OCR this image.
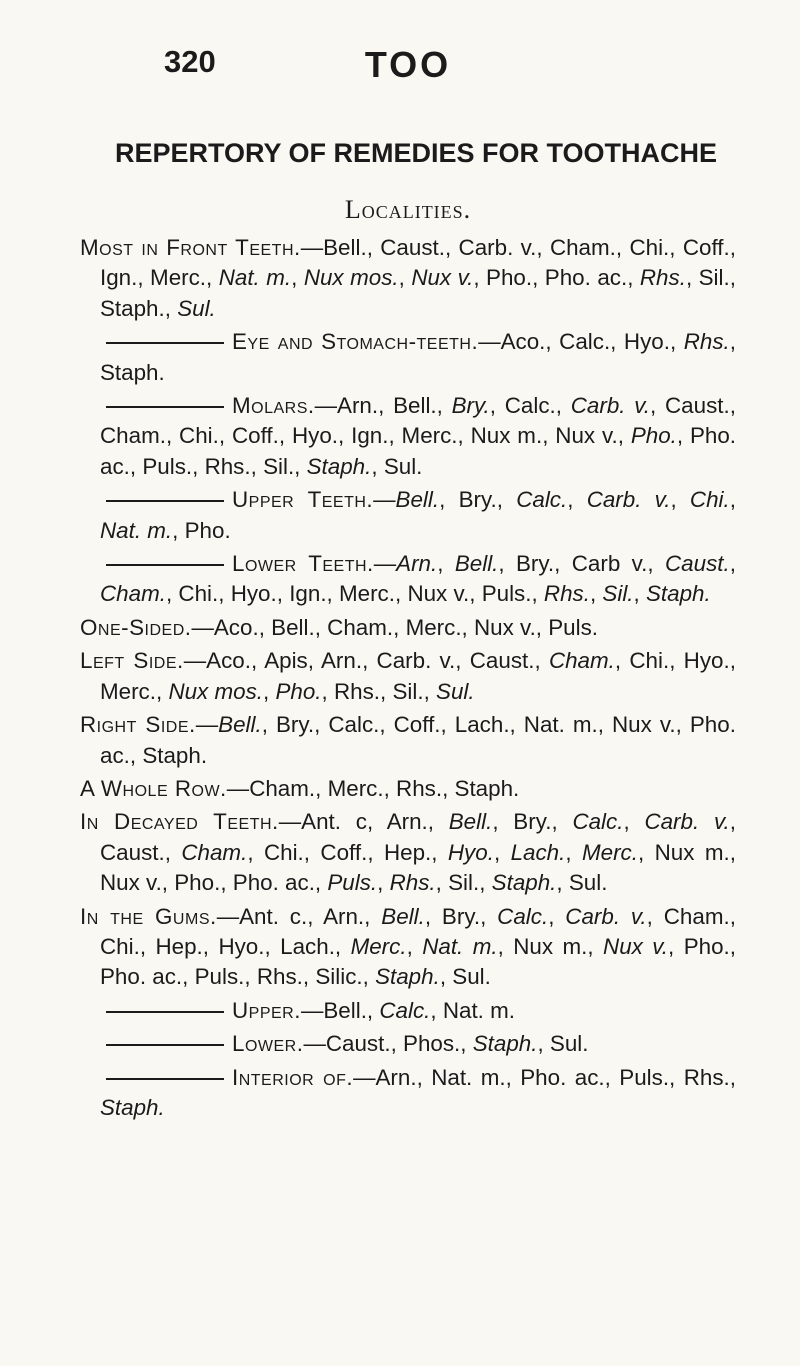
320	TOO
REPERTORY OF REMEDIES FOR TOOTHACHE
Localities.

Most in Front Teeth.—Bell., Caust., Carb. v., Cham., Chi., Coff., Ign., Merc., Nat. m., Nux mos., Nux v., Pho., Pho. ac., Rhs., Sil., Staph., Sul.

Eye and Stomach-teeth.—Aco., Calc., Hyo., Rhs., Staph.

Molars.—Arn., Bell., Bry., Calc., Carb. v., Caust., Cham., Chi., Coff., Hyo., Ign., Merc., Nux m., Nux v., Pho., Pho. ac., Puls., Rhs., Sil., Staph., Sul.

Upper Teeth.—Bell., Bry., Calc., Carb. v., Chi., Nat. m., Pho.

Lower Teeth.—Arn., Bell., Bry., Carb v., Caust., Cham., Chi., Hyo., Ign., Merc., Nux v., Puls., Rhs., Sil., Staph.

One-Sided.—Aco., Bell., Cham., Merc., Nux v., Puls.

Left Side.—Aco., Apis, Arn., Carb. v., Caust., Cham., Chi., Hyo., Merc., Nux mos., Pho., Rhs., Sil., Sul.

Right Side.—Bell., Bry., Calc., Coff., Lach., Nat. m., Nux v., Pho. ac., Staph.

A Whole Row.—Cham., Merc., Rhs., Staph.

In Decayed Teeth.—Ant. c, Arn., Bell., Bry., Calc., Carb. v., Caust., Cham., Chi., Coff., Hep., Hyo., Lach., Merc., Nux m., Nux v., Pho., Pho. ac., Puls., Rhs., Sil., Staph., Sul.

In the Gums.—Ant. c., Arn., Bell., Bry., Calc., Carb. v., Cham., Chi., Hep., Hyo., Lach., Merc., Nat. m., Nux m., Nux v., Pho., Pho. ac., Puls., Rhs., Silic., Staph., Sul.

Upper.—Bell., Calc., Nat. m.

Lower.—Caust., Phos., Staph., Sul.

Interior of.—Arn., Nat. m., Pho. ac., Puls., Rhs., Staph.
